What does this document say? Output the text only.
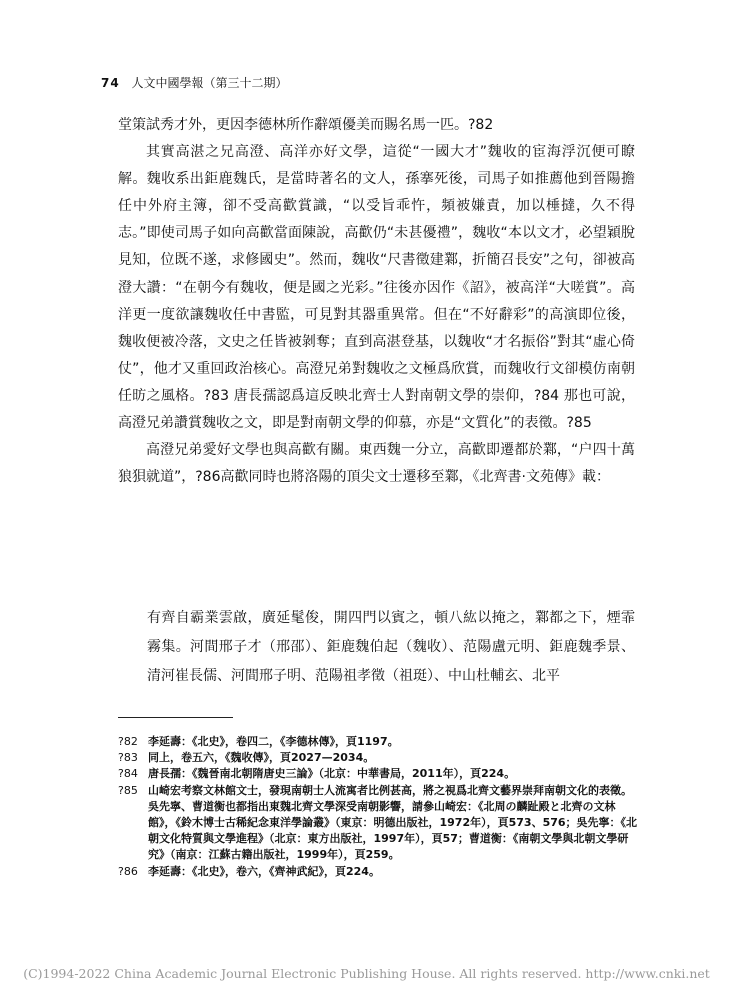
74 人文中國學報（第三十二期）

堂策試秀才外，更因李德林所作辭頌優美而賜名馬一匹。?82

其實高湛之兄高澄、高洋亦好文學，這從“一國大才”魏收的宦海浮沉便可瞭解。魏收系出鉅鹿魏氏，是當時著名的文人，孫搴死後，司馬子如推薦他到晉陽擔任中外府主簿，卻不受高歡賞識，“以受旨乖忤，頻被嫌責，加以棰撻，久不得志。”即使司馬子如向高歡當面陳說，高歡仍“未甚優禮”，魏收“本以文才，必望穎脫見知，位既不遂，求修國史”。然而，魏收“尺書徵建鄴，折簡召長安”之句，卻被高澄大讚：“在朝今有魏收，便是國之光彩。”往後亦因作《詔》，被高洋“大嗟賞”。高洋更一度欲讓魏收任中書監，可見對其器重異常。但在“不好辭彩”的高演即位後，魏收便被冷落，文史之任皆被剝奪；直到高湛登基，以魏收“才名振俗”對其“虛心倚仗”，他才又重回政治核心。高澄兄弟對魏收之文極爲欣賞，而魏收行文卻模仿南朝任昉之風格。?83 唐長孺認爲這反映北齊士人對南朝文學的崇仰，?84 那也可說，高澄兄弟讚賞魏收之文，即是對南朝文學的仰慕，亦是“文質化”的表徵。?85

高澄兄弟愛好文學也與高歡有關。東西魏一分立，高歡即遷都於鄴，“户四十萬狼狽就道”，?86高歡同時也將洛陽的頂尖文士遷移至鄴，《北齊書·文苑傳》載：

有齊自霸業雲啟，廣延髦俊，開四門以賓之，頓八紘以掩之，鄴都之下，煙霏霧集。河間邢子才（邢邵）、鉅鹿魏伯起（魏收）、范陽盧元明、鉅鹿魏季景、清河崔長儒、河間邢子明、范陽祖孝徵（祖珽）、中山杜輔玄、北平

?82 李延壽：《北史》，卷四二，《李德林傳》，頁1197。
?83 同上，卷五六，《魏收傳》，頁2027—2034。
?84 唐長孺：《魏晉南北朝隋唐史三論》（北京：中華書局，2011年），頁224。
?85 山崎宏考察文林館文士，發現南朝士人流寓者比例甚高，將之視爲北齊文藝界崇拜南朝文化的表徵。吳先寧、曹道衡也都指出東魏北齊文學深受南朝影響，請參山崎宏：《北周の麟趾殿と北齊の文林館》，《鈴木博士古稀紀念東洋學論叢》（東京：明德出版社，1972年），頁573、576；吳先寧：《北朝文化特質與文學進程》（北京：東方出版社，1997年），頁57；曹道衡：《南朝文學與北朝文學研究》（南京：江蘇古籍出版社，1999年），頁259。
?86 李延壽：《北史》，卷六，《齊神武紀》，頁224。
(C)1994-2022 China Academic Journal Electronic Publishing House. All rights reserved. http://www.cnki.net
